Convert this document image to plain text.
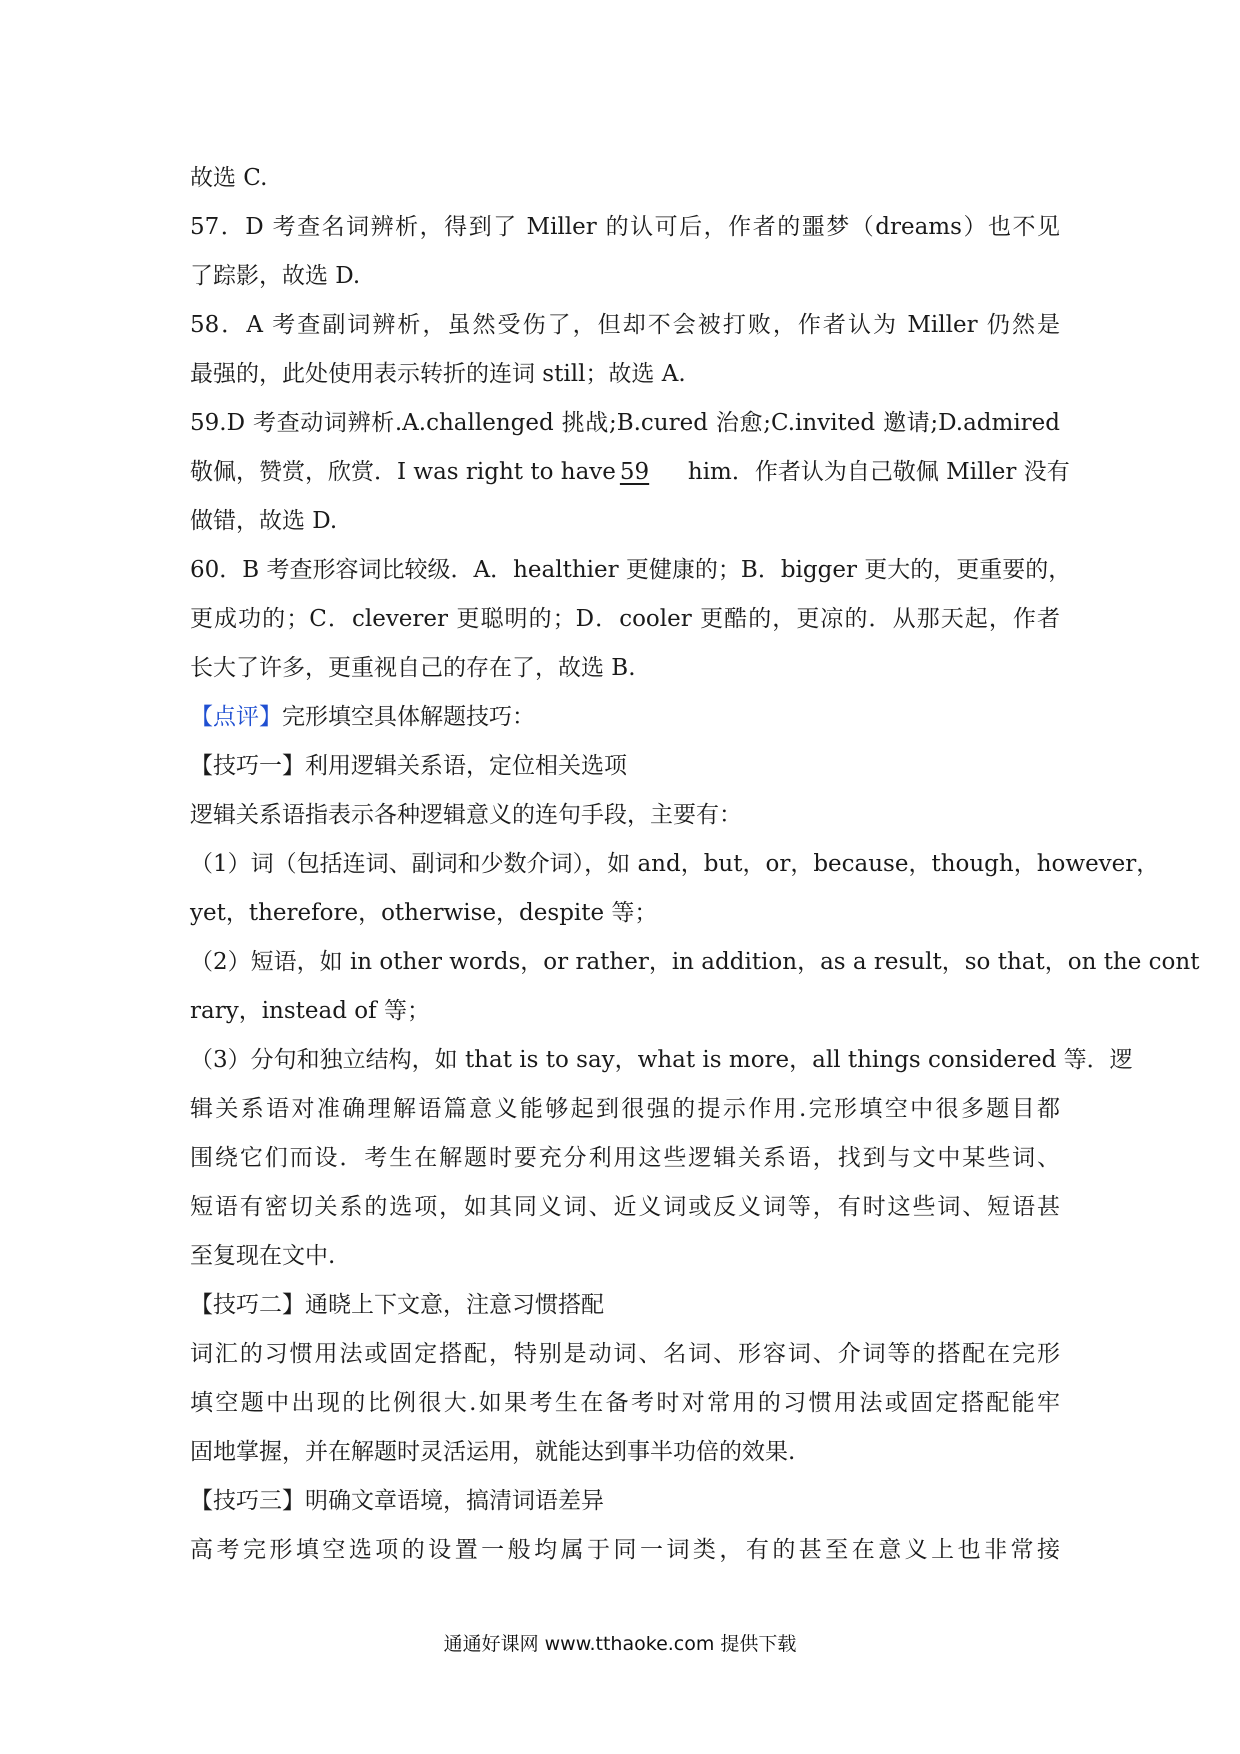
故选 C.
57．D 考查名词辨析，得到了 Miller 的认可后，作者的噩梦（dreams）也不见
了踪影，故选 D.
58．A 考查副词辨析，虽然受伤了，但却不会被打败，作者认为 Miller 仍然是
最强的，此处使用表示转折的连词 still；故选 A.
59.D 考查动词辨析.A.challenged 挑战;B.cured 治愈;C.invited 邀请;D.admired
敬佩，赞赏，欣赏．I was right to have 59 him．作者认为自己敬佩 Miller 没有
做错，故选 D.
60．B 考查形容词比较级．A．healthier 更健康的；B．bigger 更大的，更重要的，
更成功的；C．cleverer 更聪明的；D．cooler 更酷的，更凉的．从那天起，作者
长大了许多，更重视自己的存在了，故选 B.
【点评】完形填空具体解题技巧：
【技巧一】利用逻辑关系语，定位相关选项
逻辑关系语指表示各种逻辑意义的连句手段，主要有：
（1）词（包括连词、副词和少数介词），如 and，but，or，because，though，however，
yet，therefore，otherwise，despite 等；
（2）短语，如 in other words，or rather，in addition，as a result，so that，on the cont
rary，instead of 等；
（3）分句和独立结构，如 that is to say，what is more，all things considered 等．逻
辑关系语对准确理解语篇意义能够起到很强的提示作用.完形填空中很多题目都
围绕它们而设．考生在解题时要充分利用这些逻辑关系语，找到与文中某些词、
短语有密切关系的选项，如其同义词、近义词或反义词等，有时这些词、短语甚
至复现在文中.
【技巧二】通晓上下文意，注意习惯搭配
词汇的习惯用法或固定搭配，特别是动词、名词、形容词、介词等的搭配在完形
填空题中出现的比例很大.如果考生在备考时对常用的习惯用法或固定搭配能牢
固地掌握，并在解题时灵活运用，就能达到事半功倍的效果.
【技巧三】明确文章语境，搞清词语差异
高考完形填空选项的设置一般均属于同一词类，有的甚至在意义上也非常接
通通好课网 www.tthaoke.com 提供下载
